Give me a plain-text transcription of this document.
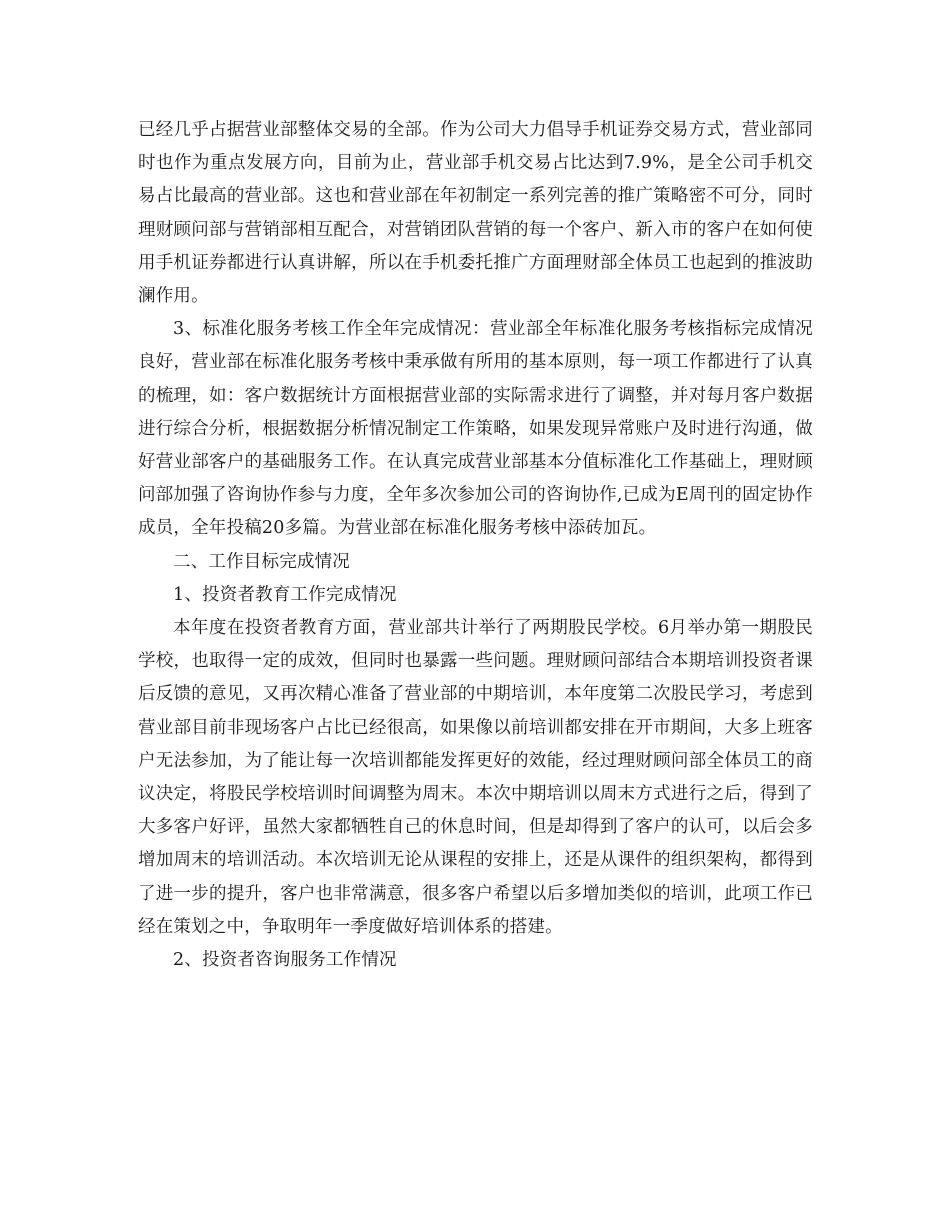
已经几乎占据营业部整体交易的全部。作为公司大力倡导手机证券交易方式，营业部同时也作为重点发展方向，目前为止，营业部手机交易占比达到7.9%，是全公司手机交易占比最高的营业部。这也和营业部在年初制定一系列完善的推广策略密不可分，同时理财顾问部与营销部相互配合，对营销团队营销的每一个客户、新入市的客户在如何使用手机证券都进行认真讲解，所以在手机委托推广方面理财部全体员工也起到的推波助澜作用。

3、标准化服务考核工作全年完成情况：营业部全年标准化服务考核指标完成情况良好，营业部在标准化服务考核中秉承做有所用的基本原则，每一项工作都进行了认真的梳理，如：客户数据统计方面根据营业部的实际需求进行了调整，并对每月客户数据进行综合分析，根据数据分析情况制定工作策略，如果发现异常账户及时进行沟通，做好营业部客户的基础服务工作。在认真完成营业部基本分值标准化工作基础上，理财顾问部加强了咨询协作参与力度，全年多次参加公司的咨询协作,已成为E周刊的固定协作成员，全年投稿20多篇。为营业部在标准化服务考核中添砖加瓦。

二、工作目标完成情况

1、投资者教育工作完成情况

本年度在投资者教育方面，营业部共计举行了两期股民学校。6月举办第一期股民学校，也取得一定的成效，但同时也暴露一些问题。理财顾问部结合本期培训投资者课后反馈的意见，又再次精心准备了营业部的中期培训，本年度第二次股民学习，考虑到营业部目前非现场客户占比已经很高，如果像以前培训都安排在开市期间，大多上班客户无法参加，为了能让每一次培训都能发挥更好的效能，经过理财顾问部全体员工的商议决定，将股民学校培训时间调整为周末。本次中期培训以周末方式进行之后，得到了大多客户好评，虽然大家都牺牲自己的休息时间，但是却得到了客户的认可，以后会多增加周末的培训活动。本次培训无论从课程的安排上，还是从课件的组织架构，都得到了进一步的提升，客户也非常满意，很多客户希望以后多增加类似的培训，此项工作已经在策划之中，争取明年一季度做好培训体系的搭建。

2、投资者咨询服务工作情况
